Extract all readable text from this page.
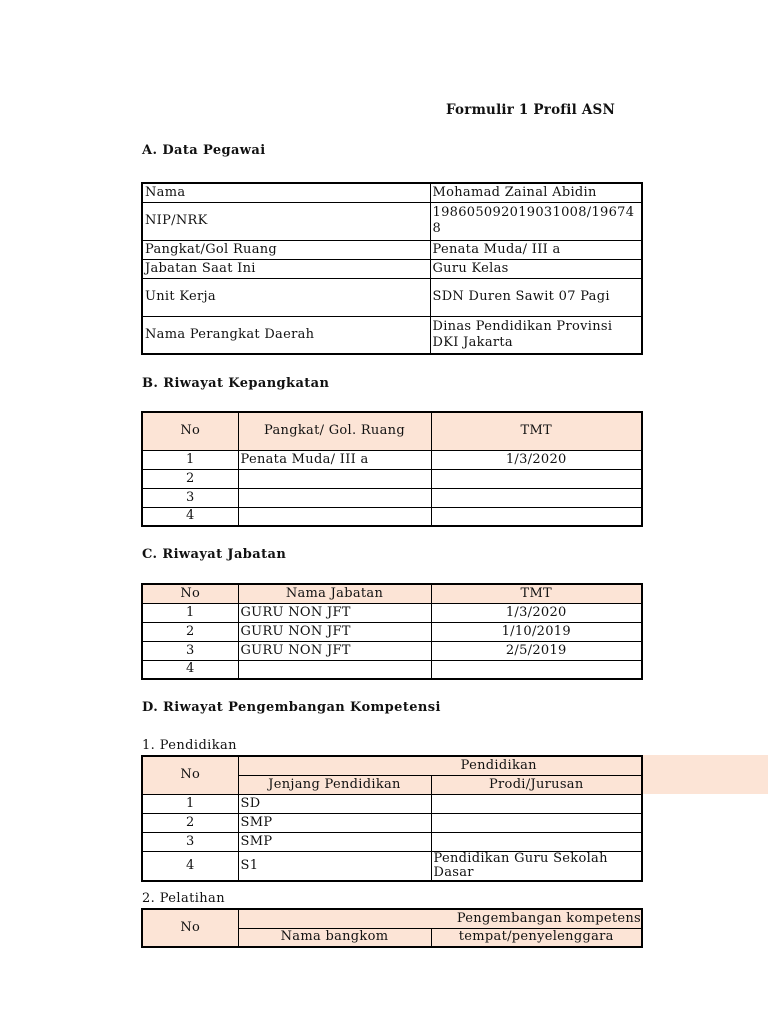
Formulir 1 Profil ASN
A. Data Pegawai
Nama	Mohamad Zainal Abidin
NIP/NRK	198605092019031008/196748
Pangkat/Gol Ruang	Penata Muda/ III a
Jabatan Saat Ini	Guru Kelas
Unit Kerja	SDN Duren Sawit 07 Pagi
Nama Perangkat Daerah	Dinas Pendidikan Provinsi DKI Jakarta
B. Riwayat Kepangkatan
No	Pangkat/ Gol. Ruang	TMT
1	Penata Muda/ III a	1/3/2020
2		
3		
4		
C. Riwayat Jabatan
No	Nama Jabatan	TMT
1	GURU NON JFT	1/3/2020
2	GURU NON JFT	1/10/2019
3	GURU NON JFT	2/5/2019
4		
D. Riwayat Pengembangan Kompetensi
1. Pendidikan
No	Pendidikan	
	Jenjang Pendidikan	Prodi/Jurusan
1	SD	
2	SMP	
3	SMP	
4	S1	Pendidikan Guru Sekolah Dasar
2. Pelatihan
No	Pengembangan kompetens	
	Nama bangkom	tempat/penyelenggara
